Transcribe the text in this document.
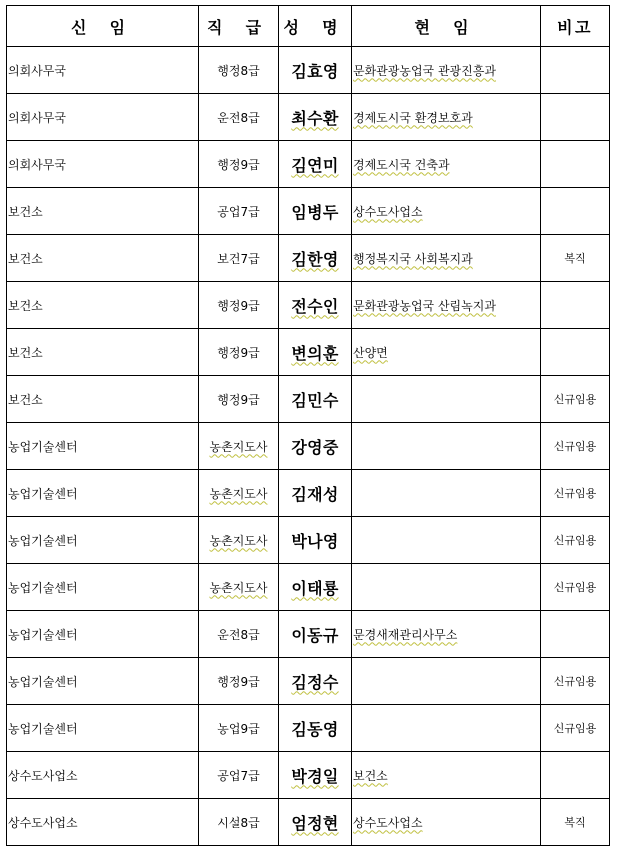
신 임	직 급	성 명	현 임	비고
의회사무국	행정8급	김효영	문화관광농업국 관광진흥과	
의회사무국	운전8급	최수환	경제도시국 환경보호과	
의회사무국	행정9급	김연미	경제도시국 건축과	
보건소	공업7급	임병두	상수도사업소	
보건소	보건7급	김한영	행정복지국 사회복지과	복직
보건소	행정9급	전수인	문화관광농업국 산림녹지과	
보건소	행정9급	변의훈	산양면	
보건소	행정9급	김민수		신규임용
농업기술센터	농촌지도사	강영중		신규임용
농업기술센터	농촌지도사	김재성		신규임용
농업기술센터	농촌지도사	박나영		신규임용
농업기술센터	농촌지도사	이태룡		신규임용
농업기술센터	운전8급	이동규	문경새재관리사무소	
농업기술센터	행정9급	김정수		신규임용
농업기술센터	농업9급	김동영		신규임용
상수도사업소	공업7급	박경일	보건소	
상수도사업소	시설8급	엄정현	상수도사업소	복직
